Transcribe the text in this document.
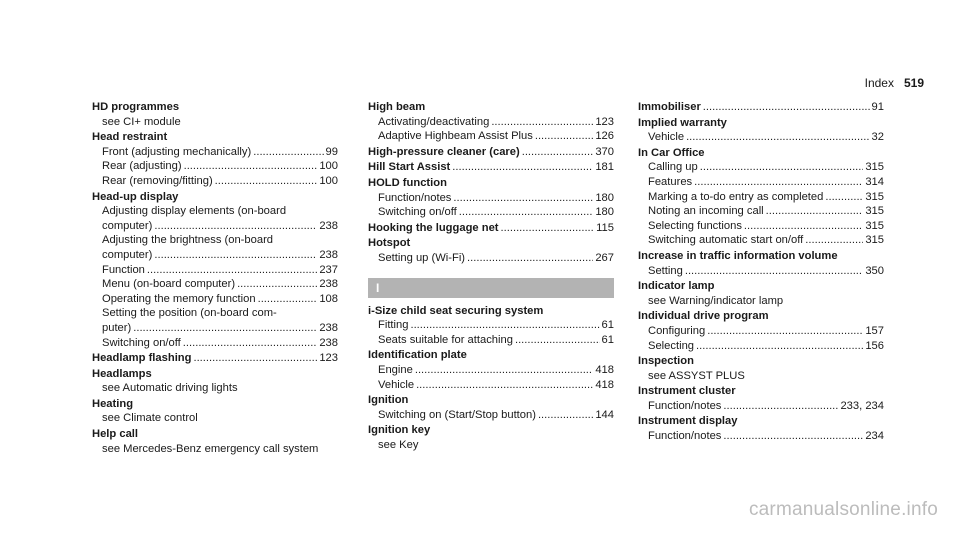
Index 519
HD programmes
see CI+ module
Head restraint
Front (adjusting mechanically) .....	99
Rear (adjusting) .....	100
Rear (removing/fitting) .....	100
Head-up display
Adjusting display elements (on-board
computer) .....	238
Adjusting the brightness (on-board
computer) .....	238
Function .....	237
Menu (on-board computer) .....	238
Operating the memory function .....	108
Setting the position (on-board com-
puter) .....	238
Switching on/off .....	238
Headlamp flashing .....	123
Headlamps
see Automatic driving lights
Heating
see Climate control
Help call
see Mercedes-Benz emergency call system
High beam
Activating/deactivating .....	123
Adaptive Highbeam Assist Plus .....	126
High-pressure cleaner (care) .....	370
Hill Start Assist .....	181
HOLD function
Function/notes .....	180
Switching on/off .....	180
Hooking the luggage net .....	115
Hotspot
Setting up (Wi-Fi) .....	267
I
i-Size child seat securing system
Fitting .....	61
Seats suitable for attaching .....	61
Identification plate
Engine .....	418
Vehicle .....	418
Ignition
Switching on (Start/Stop button) .....	144
Ignition key
see Key
Immobiliser .....	91
Implied warranty
Vehicle .....	32
In Car Office
Calling up .....	315
Features .....	314
Marking a to-do entry as completed .....	315
Noting an incoming call .....	315
Selecting functions .....	315
Switching automatic start on/off .....	315
Increase in traffic information volume
Setting .....	350
Indicator lamp
see Warning/indicator lamp
Individual drive program
Configuring .....	157
Selecting .....	156
Inspection
see ASSYST PLUS
Instrument cluster
Function/notes .....	233, 234
Instrument display
Function/notes .....	234
carmanualsonline.info
